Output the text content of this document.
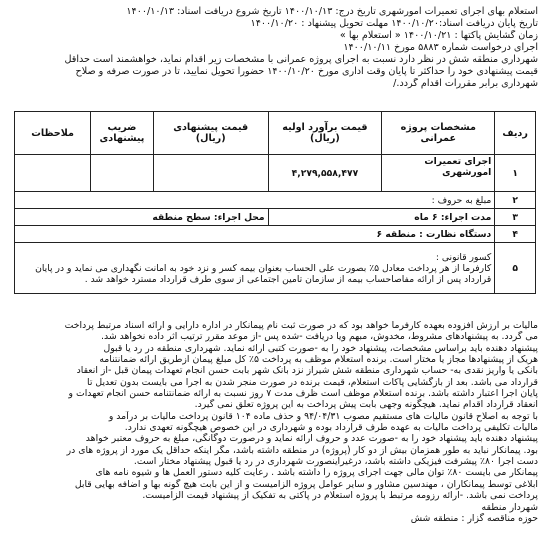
استعلام بهای اجرای تعمیرات امورشهری تاریخ درج: ۱۴۰۰/۱۰/۱۳ تاریخ شروع دریافت اسناد: ۱۴۰۰/۱۰/۱۳
تاریخ پایان دریافت اسناد:۱۴۰۰/۱۰/۲۰ مهلت تحویل پیشنهاد : ۱۴۰۰/۱۰/۲۰
زمان گشایش پاکتها : ۱۴۰۰/۱۰/۲۱ « استعلام بها »
اجرای درخواست شماره ۵۸۸۳ مورخ ۱۴۰۰/۱۰/۱۱
شهرداری منطقه شش در نظر دارد نسبت به اجرای پروژه عمرانی با مشخصات زیر اقدام نماید، خواهشمند است حداقل
قیمت پیشنهادی خود را حداکثر تا پایان وقت اداری مورخ ۱۴۰۰/۱۰/۲۰ حضورا تحویل نمایید، تا در صورت صرفه و صلاح
شهرداری برابر مقررات اقدام گردد./
ردیف	مشخصات پروژه عمرانی	قیمت برآورد اولیه (ریال)	قیمت پیشنهادی (ریال)	ضریب پیشنهادی	ملاحظات
۱	اجرای تعمیرات امورشهری	۴,۲۷۹,۵۵۸,۴۷۷			
۲	مبلغ به حروف :				
۳	مدت اجراء: ۶ ماه		محل اجراء: سطح منطقه		
۴	دستگاه نظارت : منطقه ۶				
۵	کسور قانونی :
کارفرما از هر پرداخت معادل ۵٪ بصورت علی الحساب بعنوان بیمه کسر و نزد خود به امانت نگهداری می نماید و در پایان
قرارداد پس از ارائه مفاصاحساب بیمه از سازمان تامین اجتماعی از سوی طرف قرارداد مسترد خواهد شد .				
مالیات بر ارزش افزوده بعهده کارفرما خواهد بود که در صورت ثبت نام پیمانکار در اداره دارایی و ارائه اسناد مرتبط پرداخت
می گردد. به پیشنهادهای مشروط، مخدوش، مبهم ویا دریافت -شده پس -از موعد مقرر ترتیب اثر داده نخواهد شد.
پیشنهاد دهنده باید براساس مشخصات، پیشنهاد خود را به -صورت کتبی ارائه نماید. شهرداری منطقه در رد یا قبول
هریک از پیشنهادها مجاز یا مختار است. برنده استعلام موظف به پرداخت ۵٪ کل مبلغ پیمان ازطریق ارائه ضمانتنامه
بانکی یا واریز نقدی به- حساب شهرداری منطقه شش شیراز نزد بانک شهر بابت حسن انجام تعهدات پیمان قبل -از انعقاد
قرارداد می باشد. بعد از بازگشایی پاکات استعلام، قیمت برنده در صورت منجر شدن به اجرا می بایست بدون تعدیل تا
پایان اجرا اعتبار داشته باشد. برنده استعلام موظف است ظرف مدت ۷ روز نسبت به ارائه ضمانتنامه حسن انجام تعهدات و
انعقاد قرارداد اقدام نماید. هیچگونه وجهی بابت پیش پرداخت به این پروژه تعلق نمی گیرد.
با توجه به اصلاح قانون مالیات های مستقیم مصوب ۹۴/۰۴/۳۱ و حذف ماده ۱۰۴ قانون پرداخت مالیات بر درآمد و
مالیات تکلیفی پرداخت مالیات به عهده طرف قرارداد بوده و شهرداری در این خصوص هیچگونه تعهدی ندارد.
پیشنهاد دهنده باید پیشنهاد خود را به -صورت عدد و حروف ارائه نماید و درصورت دوگانگی، مبلغ به حروف معتبر خواهد
بود. پیمانکار نباید به طور همزمان بیش از دو کار (پروژه) در منطقه داشته باشد، مگر اینکه حداقل یک مورد از پروژه های در
دست اجرا ۸۰٪ پیشرفت فیزیکی داشته باشد، درغیراینصورت شهرداری در رد یا قبول پیشنهاد مختار است.
پیمانکار می بایست ۸۰٪ توان مالی جهت اجرای پروژه را داشته باشد . رعایت کلیه دستور العمل ها و شیوه نامه های
ابلاغی توسط پیمانکاران ، مهندسین مشاور و سایر عوامل پروژه الزامیست و از این بابت هیچ گونه بها و اضافه بهایی قابل
پرداخت نمی باشد. -ارائه رزومه مرتبط با پروژه استعلام در پاکتی به تفکیک از پیشنهاد قیمت الزامیست.
شهردار منطقه
حوزه مناقصه گزار : منطقه شش
